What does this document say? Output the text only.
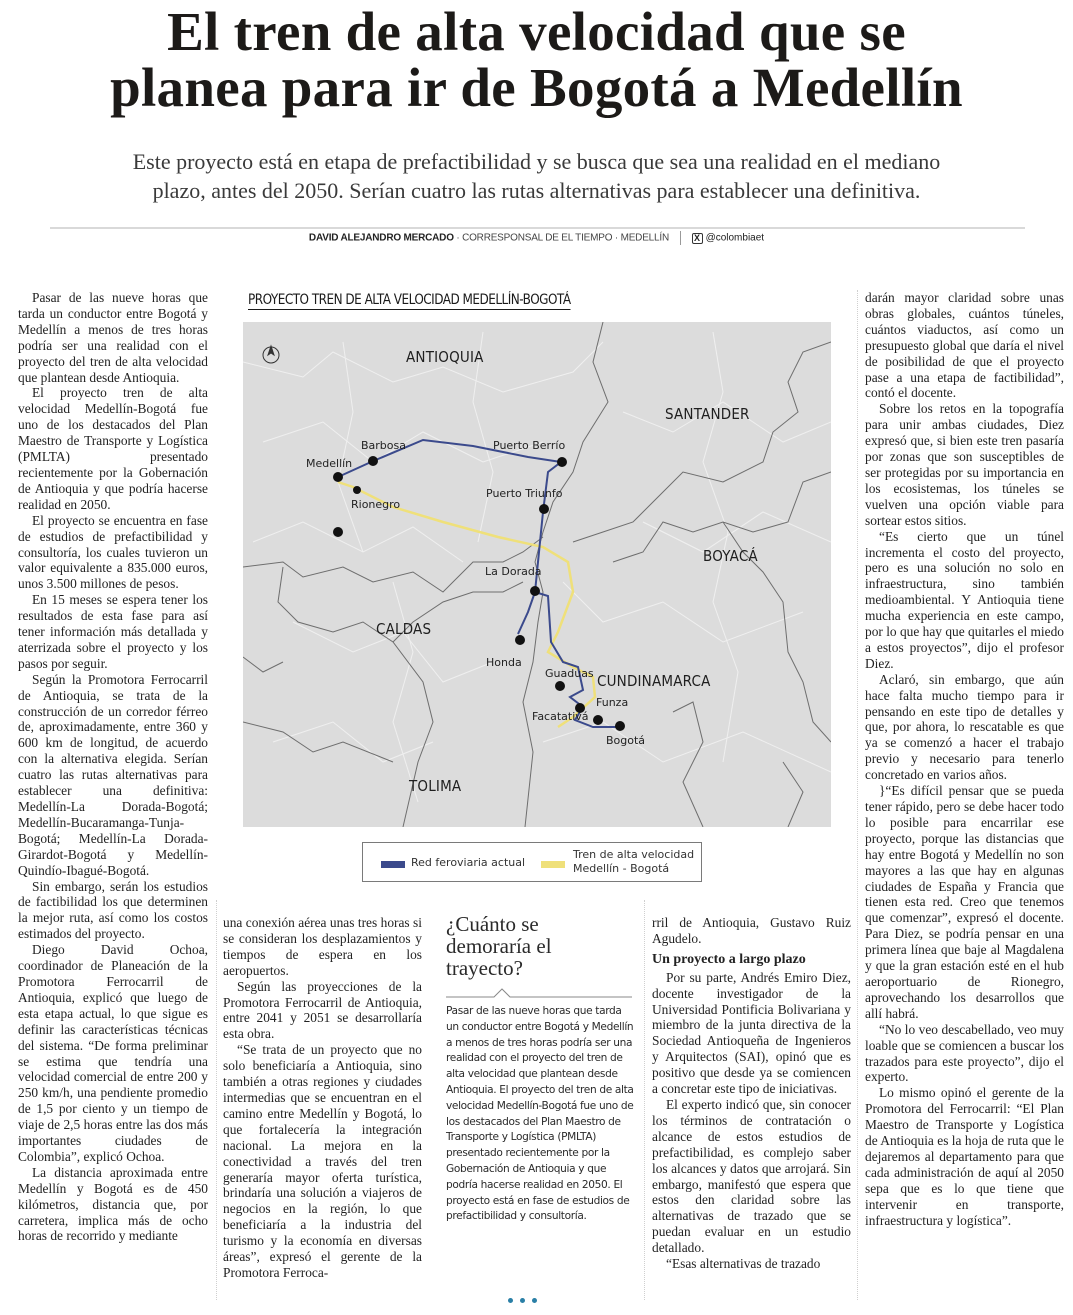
El tren de alta velocidad que se
planea para ir de Bogotá a Medellín
Este proyecto está en etapa de prefactibilidad y se busca que sea una realidad en el mediano
plazo, antes del 2050. Serían cuatro las rutas alternativas para establecer una definitiva.
DAVID ALEJANDRO MERCADO · CORRESPONSAL DE EL TIEMPO · MEDELLÍN	X @colombiaet

Pasar de las nueve horas que tarda un conductor entre Bogotá y Medellín a menos de tres horas podría ser una realidad con el proyecto del tren de alta velocidad que plantean desde Antioquia.

El proyecto tren de alta velocidad Medellín-Bogotá fue uno de los destacados del Plan Maestro de Transporte y Logística (PMLTA) presentado recientemente por la Gobernación de Antioquia y que podría hacerse realidad en 2050.

El proyecto se encuentra en fase de estudios de prefactibilidad y consultoría, los cuales tuvieron un valor equivalente a 835.000 euros, unos 3.500 millones de pesos.

En 15 meses se espera tener los resultados de esta fase para así tener información más detallada y aterrizada sobre el proyecto y los pasos por seguir.

Según la Promotora Ferrocarril de Antioquia, se trata de la construcción de un corredor férreo de, aproximadamente, entre 360 y 600 km de longitud, de acuerdo con la alternativa elegida. Serían cuatro las rutas alternativas para establecer una definitiva: Medellín-La Dorada-Bogotá; Medellín-Bucaramanga-Tunja-Bogotá; Medellín-La Dorada-Girardot-Bogotá y Medellín-Quindío-Ibagué-Bogotá.

Sin embargo, serán los estudios de factibilidad los que determinen la mejor ruta, así como los costos estimados del proyecto.

Diego David Ochoa, coordinador de Planeación de la Promotora Ferrocarril de Antioquia, explicó que luego de esta etapa actual, lo que sigue es definir las características técnicas del sistema. “De forma preliminar se estima que tendría una velocidad comercial de entre 200 y 250 km/h, una pendiente promedio de 1,5 por ciento y un tiempo de viaje de 2,5 horas entre las dos más importantes ciudades de Colombia”, explicó Ochoa.

La distancia aproximada entre Medellín y Bogotá es de 450 kilómetros, distancia que, por carretera, implica más de ocho horas de recorrido y mediante

PROYECTO TREN DE ALTA VELOCIDAD MEDELLÍN-BOGOTÁ
ANTIOQUIA
SANTANDER
BOYACÁ
CALDAS
CUNDINAMARCA
TOLIMA
Medellín
Barbosa
Rionegro
Puerto Berrío
Puerto Triunfo
La Dorada
Honda
Guaduas
Funza
Facatativá
Bogotá
Red feroviaria actual
Tren de alta velocidad
Medellín - Bogotá

una conexión aérea unas tres horas si se consideran los desplazamientos y tiempos de espera en los aeropuertos.

Según las proyecciones de la Promotora Ferrocarril de Antioquia, entre 2041 y 2051 se desarrollaría esta obra.

“Se trata de un proyecto que no solo beneficiaría a Antioquia, sino también a otras regiones y ciudades intermedias que se encuentran en el camino entre Medellín y Bogotá, lo que fortalecería la integración nacional. La mejora en la conectividad a través del tren generaría mayor oferta turística, brindaría una solución a viajeros de negocios en la región, lo que beneficiaría a la industria del turismo y la economía en diversas áreas”, expresó el gerente de la Promotora Ferroca-

¿Cuánto se demoraría el trayecto?
Pasar de las nueve horas que tarda un conductor entre Bogotá y Medellín a menos de tres horas podría ser una realidad con el proyecto del tren de alta velocidad que plantean desde Antioquia. El proyecto del tren de alta velocidad Medellín-Bogotá fue uno de los destacados del Plan Maestro de Transporte y Logística (PMLTA) presentado recientemente por la Gobernación de Antioquia y que podría hacerse realidad en 2050. El proyecto está en fase de estudios de prefactibilidad y consultoría.

rril de Antioquia, Gustavo Ruiz Agudelo.

Un proyecto a largo plazo

Por su parte, Andrés Emiro Diez, docente investigador de la Universidad Pontificia Bolivariana y miembro de la junta directiva de la Sociedad Antioqueña de Ingenieros y Arquitectos (SAI), opinó que es positivo que desde ya se comiencen a concretar este tipo de iniciativas.

El experto indicó que, sin conocer los términos de contratación o alcance de estos estudios de prefactibilidad, es complejo saber los alcances y datos que arrojará. Sin embargo, manifestó que espera que estos den claridad sobre las alternativas de trazado que se puedan evaluar en un estudio detallado.

“Esas alternativas de trazado

darán mayor claridad sobre unas obras globales, cuántos túneles, cuántos viaductos, así como un presupuesto global que daría el nivel de posibilidad de que el proyecto pase a una etapa de factibilidad”, contó el docente.

Sobre los retos en la topografía para unir ambas ciudades, Diez expresó que, si bien este tren pasaría por zonas que son susceptibles de ser protegidas por su importancia en los ecosistemas, los túneles se vuelven una opción viable para sortear estos sitios.

“Es cierto que un túnel incrementa el costo del proyecto, pero es una solución no solo en infraestructura, sino también medioambiental. Y Antioquia tiene mucha experiencia en este campo, por lo que hay que quitarles el miedo a estos proyectos”, dijo el profesor Diez.

Aclaró, sin embargo, que aún hace falta mucho tiempo para ir pensando en este tipo de detalles y que, por ahora, lo rescatable es que ya se comenzó a hacer el trabajo previo y necesario para tenerlo concretado en varios años.

}“Es difícil pensar que se pueda tener rápido, pero se debe hacer todo lo posible para encarrilar ese proyecto, porque las distancias que hay entre Bogotá y Medellín no son mayores a las que hay en algunas ciudades de España y Francia que tienen esta red. Creo que tenemos que comenzar”, expresó el docente. Para Diez, se podría pensar en una primera línea que baje al Magdalena y que la gran estación esté en el hub aeroportuario de Rionegro, aprovechando los desarrollos que allí habrá.

“No lo veo descabellado, veo muy loable que se comiencen a buscar los trazados para este proyecto”, dijo el experto.

Lo mismo opinó el gerente de la Promotora del Ferrocarril: “El Plan Maestro de Transporte y Logística de Antioquia es la hoja de ruta que le dejaremos al departamento para que cada administración de aquí al 2050 sepa que es lo que tiene que intervenir en transporte, infraestructura y logística”.
